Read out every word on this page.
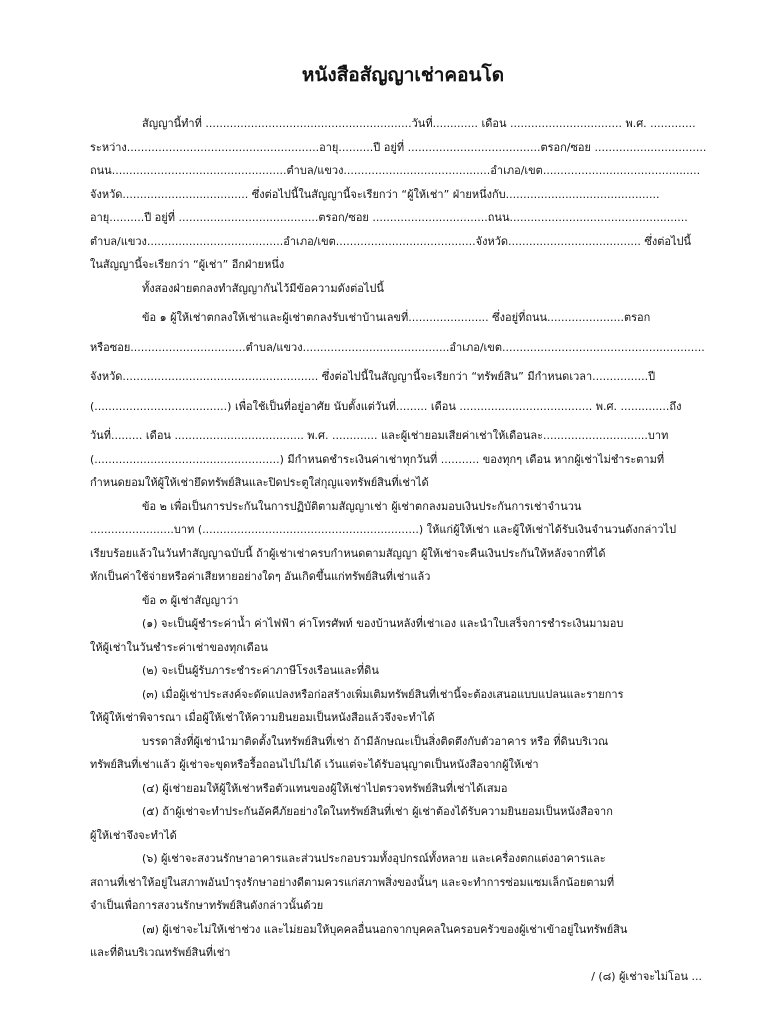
หนังสือสัญญาเช่าคอนโด
สัญญานี้ทำที่ ...........................................................วันที่............. เดือน ................................ พ.ศ. .............
ระหว่าง.......................................................อายุ..........ปี อยู่ที่ ......................................ตรอก/ซอย ................................
ถนน..................................................ตำบล/แขวง..........................................อำเภอ/เขต.............................................
จังหวัด.................................... ซึ่งต่อไปนี้ในสัญญานี้จะเรียกว่า “ผู้ให้เช่า” ฝ่ายหนึ่งกับ............................................
อายุ..........ปี อยู่ที่ ........................................ตรอก/ซอย .................................ถนน...................................................
ตำบล/แขวง.......................................อำเภอ/เขต........................................จังหวัด...................................... ซึ่งต่อไปนี้
ในสัญญานี้จะเรียกว่า “ผู้เช่า” อีกฝ่ายหนึ่ง
ทั้งสองฝ่ายตกลงทำสัญญากันไว้มีข้อความดังต่อไปนี้
ข้อ ๑ ผู้ให้เช่าตกลงให้เช่าและผู้เช่าตกลงรับเช่าบ้านเลขที่....................... ซึ่งอยู่ที่ถนน......................ตรอก
หรือซอย.................................ตำบล/แขวง..........................................อำเภอ/เขต..........................................................
จังหวัด........................................................ ซึ่งต่อไปนี้ในสัญญานี้จะเรียกว่า “ทรัพย์สิน” มีกำหนดเวลา................ปี
(......................................) เพื่อใช้เป็นที่อยู่อาศัย นับตั้งแต่วันที่......... เดือน ...................................... พ.ศ. ..............ถึง
วันที่......... เดือน ..................................... พ.ศ. ............. และผู้เช่ายอมเสียค่าเช่าให้เดือนละ..............................บาท
(.....................................................) มีกำหนดชำระเงินค่าเช่าทุกวันที่ ........... ของทุกๆ เดือน หากผู้เช่าไม่ชำระตามที่
กำหนดยอมให้ผู้ให้เช่ายึดทรัพย์สินและปิดประตูใส่กุญแจทรัพย์สินที่เช่าได้
ข้อ ๒ เพื่อเป็นการประกันในการปฏิบัติตามสัญญาเช่า ผู้เช่าตกลงมอบเงินประกันการเช่าจำนวน
........................บาท (..............................................................) ให้แก่ผู้ให้เช่า และผู้ให้เช่าได้รับเงินจำนวนดังกล่าวไป
เรียบร้อยแล้วในวันทำสัญญาฉบับนี้ ถ้าผู้เช่าเช่าครบกำหนดตามสัญญา ผู้ให้เช่าจะคืนเงินประกันให้หลังจากที่ได้
หักเป็นค่าใช้จ่ายหรือค่าเสียหายอย่างใดๆ อันเกิดขึ้นแก่ทรัพย์สินที่เช่าแล้ว
ข้อ ๓ ผู้เช่าสัญญาว่า
(๑) จะเป็นผู้ชำระค่าน้ำ ค่าไฟฟ้า ค่าโทรศัพท์ ของบ้านหลังที่เช่าเอง และนำใบเสร็จการชำระเงินมามอบ
ให้ผู้เช่าในวันชำระค่าเช่าของทุกเดือน
(๒) จะเป็นผู้รับภาระชำระค่าภาษีโรงเรือนและที่ดิน
(๓) เมื่อผู้เช่าประสงค์จะดัดแปลงหรือก่อสร้างเพิ่มเติมทรัพย์สินที่เช่านี้จะต้องเสนอแบบแปลนและรายการ
ให้ผู้ให้เช่าพิจารณา เมื่อผู้ให้เช่าให้ความยินยอมเป็นหนังสือแล้วจึงจะทำได้
บรรดาสิ่งที่ผู้เช่านำมาติดตั้งในทรัพย์สินที่เช่า ถ้ามีลักษณะเป็นสิ่งติดตึงกับตัวอาคาร หรือ ที่ดินบริเวณ
ทรัพย์สินที่เช่าแล้ว ผู้เช่าจะขุดหรือรื้อถอนไปไม่ได้ เว้นแต่จะได้รับอนุญาตเป็นหนังสือจากผู้ให้เช่า
(๔) ผู้เช่ายอมให้ผู้ให้เช่าหรือตัวแทนของผู้ให้เช่าไปตรวจทรัพย์สินที่เช่าได้เสมอ
(๕) ถ้าผู้เช่าจะทำประกันอัคคีภัยอย่างใดในทรัพย์สินที่เช่า ผู้เช่าต้องได้รับความยินยอมเป็นหนังสือจาก
ผู้ให้เช่าจึงจะทำได้
(๖) ผู้เช่าจะสงวนรักษาอาคารและส่วนประกอบรวมทั้งอุปกรณ์ทั้งหลาย และเครื่องตกแต่งอาคารและ
สถานที่เช่าให้อยู่ในสภาพอันบำรุงรักษาอย่างดีตามควรแก่สภาพสิ่งของนั้นๆ และจะทำการซ่อมแซมเล็กน้อยตามที่
จำเป็นเพื่อการสงวนรักษาทรัพย์สินดังกล่าวนั้นด้วย
(๗) ผู้เช่าจะไม่ให้เช่าช่วง และไม่ยอมให้บุคคลอื่นนอกจากบุคคลในครอบครัวของผู้เช่าเข้าอยู่ในทรัพย์สิน
และที่ดินบริเวณทรัพย์สินที่เช่า
/ (๘) ผู้เช่าจะไม่โอน ...
